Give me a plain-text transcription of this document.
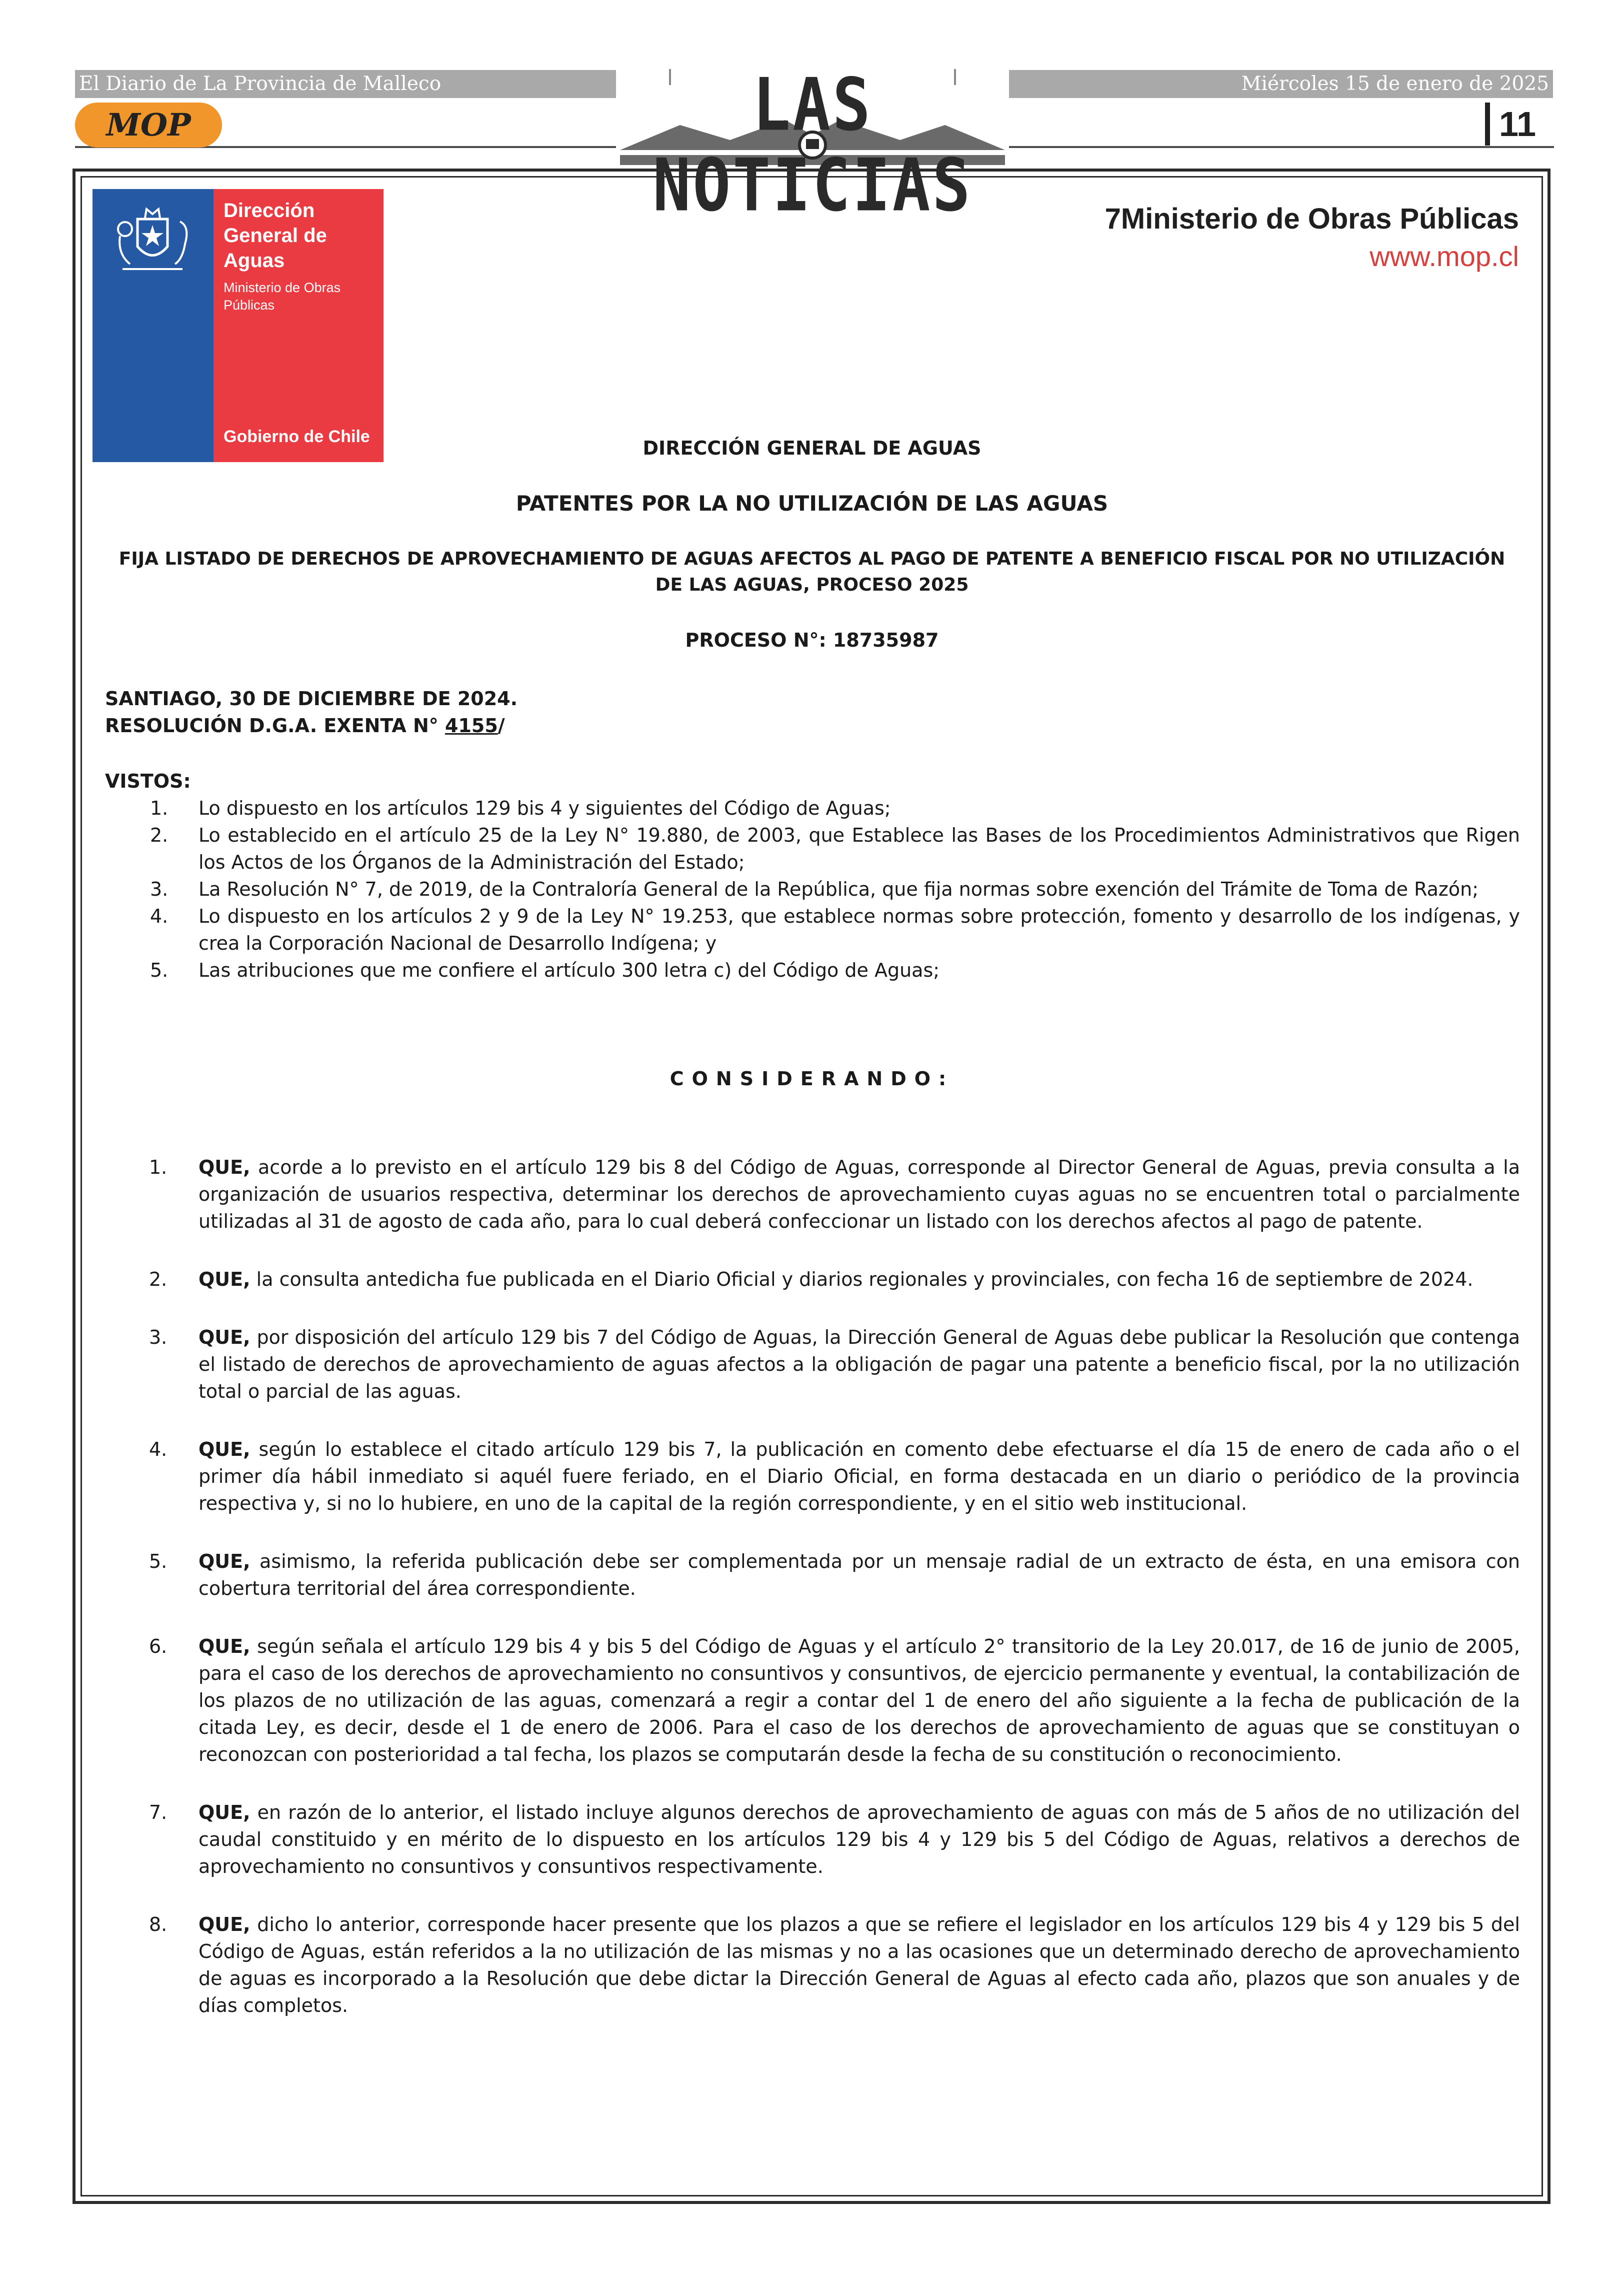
El Diario de La Provincia de Malleco	Miércoles 15 de enero de 2025
MOP	LAS NOTICIAS
11
Dirección
General de
Aguas
Ministerio de Obras
Públicas
Gobierno de Chile
7Ministerio de Obras Públicas
www.mop.cl
DIRECCIÓN GENERAL DE AGUAS
PATENTES POR LA NO UTILIZACIÓN DE LAS AGUAS
FIJA LISTADO DE DERECHOS DE APROVECHAMIENTO DE AGUAS AFECTOS AL PAGO DE PATENTE A BENEFICIO FISCAL POR NO UTILIZACIÓN DE LAS AGUAS, PROCESO 2025
PROCESO N°: 18735987
SANTIAGO, 30 DE DICIEMBRE DE 2024.
RESOLUCIÓN D.G.A. EXENTA N° 4155/
VISTOS:
1. Lo dispuesto en los artículos 129 bis 4 y siguientes del Código de Aguas;
2. Lo establecido en el artículo 25 de la Ley N° 19.880, de 2003, que Establece las Bases de los Procedimientos Administrativos que Rigen los Actos de los Órganos de la Administración del Estado;
3. La Resolución N° 7, de 2019, de la Contraloría General de la República, que fija normas sobre exención del Trámite de Toma de Razón;
4. Lo dispuesto en los artículos 2 y 9 de la Ley N° 19.253, que establece normas sobre protección, fomento y desarrollo de los indígenas, y crea la Corporación Nacional de Desarrollo Indígena; y
5. Las atribuciones que me confiere el artículo 300 letra c) del Código de Aguas;
CONSIDERANDO:
1. QUE, acorde a lo previsto en el artículo 129 bis 8 del Código de Aguas, corresponde al Director General de Aguas, previa consulta a la organización de usuarios respectiva, determinar los derechos de aprovechamiento cuyas aguas no se encuentren total o parcialmente utilizadas al 31 de agosto de cada año, para lo cual deberá confeccionar un listado con los derechos afectos al pago de patente.
2. QUE, la consulta antedicha fue publicada en el Diario Oficial y diarios regionales y provinciales, con fecha 16 de septiembre de 2024.
3. QUE, por disposición del artículo 129 bis 7 del Código de Aguas, la Dirección General de Aguas debe publicar la Resolución que contenga el listado de derechos de aprovechamiento de aguas afectos a la obligación de pagar una patente a beneficio fiscal, por la no utilización total o parcial de las aguas.
4. QUE, según lo establece el citado artículo 129 bis 7, la publicación en comento debe efectuarse el día 15 de enero de cada año o el primer día hábil inmediato si aquél fuere feriado, en el Diario Oficial, en forma destacada en un diario o periódico de la provincia respectiva y, si no lo hubiere, en uno de la capital de la región correspondiente, y en el sitio web institucional.
5. QUE, asimismo, la referida publicación debe ser complementada por un mensaje radial de un extracto de ésta, en una emisora con cobertura territorial del área correspondiente.
6. QUE, según señala el artículo 129 bis 4 y bis 5 del Código de Aguas y el artículo 2° transitorio de la Ley 20.017, de 16 de junio de 2005, para el caso de los derechos de aprovechamiento no consuntivos y consuntivos, de ejercicio permanente y eventual, la contabilización de los plazos de no utilización de las aguas, comenzará a regir a contar del 1 de enero del año siguiente a la fecha de publicación de la citada Ley, es decir, desde el 1 de enero de 2006. Para el caso de los derechos de aprovechamiento de aguas que se constituyan o reconozcan con posterioridad a tal fecha, los plazos se computarán desde la fecha de su constitución o reconocimiento.
7. QUE, en razón de lo anterior, el listado incluye algunos derechos de aprovechamiento de aguas con más de 5 años de no utilización del caudal constituido y en mérito de lo dispuesto en los artículos 129 bis 4 y 129 bis 5 del Código de Aguas, relativos a derechos de aprovechamiento no consuntivos y consuntivos respectivamente.
8. QUE, dicho lo anterior, corresponde hacer presente que los plazos a que se refiere el legislador en los artículos 129 bis 4 y 129 bis 5 del Código de Aguas, están referidos a la no utilización de las mismas y no a las ocasiones que un determinado derecho de aprovechamiento de aguas es incorporado a la Resolución que debe dictar la Dirección General de Aguas al efecto cada año, plazos que son anuales y de días completos.
